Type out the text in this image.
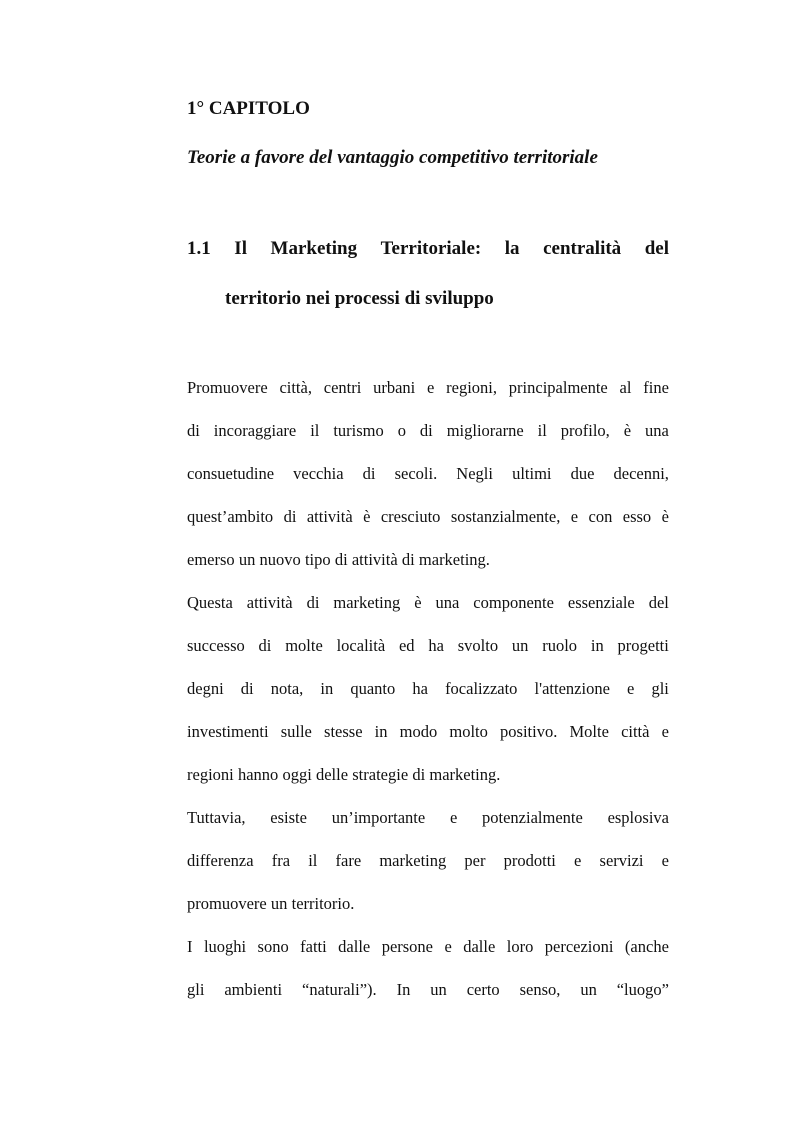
1° CAPITOLO
Teorie a favore del vantaggio competitivo territoriale
1.1 Il Marketing Territoriale: la centralità del
territorio nei processi di sviluppo
Promuovere città, centri urbani e regioni, principalmente al fine
di incoraggiare il turismo o di migliorarne il profilo, è una
consuetudine vecchia di secoli. Negli ultimi due decenni,
quest’ambito di attività è cresciuto sostanzialmente, e con esso è
emerso un nuovo tipo di attività di marketing.
Questa attività di marketing è una componente essenziale del
successo di molte località ed ha svolto un ruolo in progetti
degni di nota, in quanto ha focalizzato l'attenzione e gli
investimenti sulle stesse in modo molto positivo. Molte città e
regioni hanno oggi delle strategie di marketing.
Tuttavia, esiste un’importante e potenzialmente esplosiva
differenza fra il fare marketing per prodotti e servizi e
promuovere un territorio.
I luoghi sono fatti dalle persone e dalle loro percezioni (anche
gli ambienti “naturali”). In un certo senso, un “luogo”
